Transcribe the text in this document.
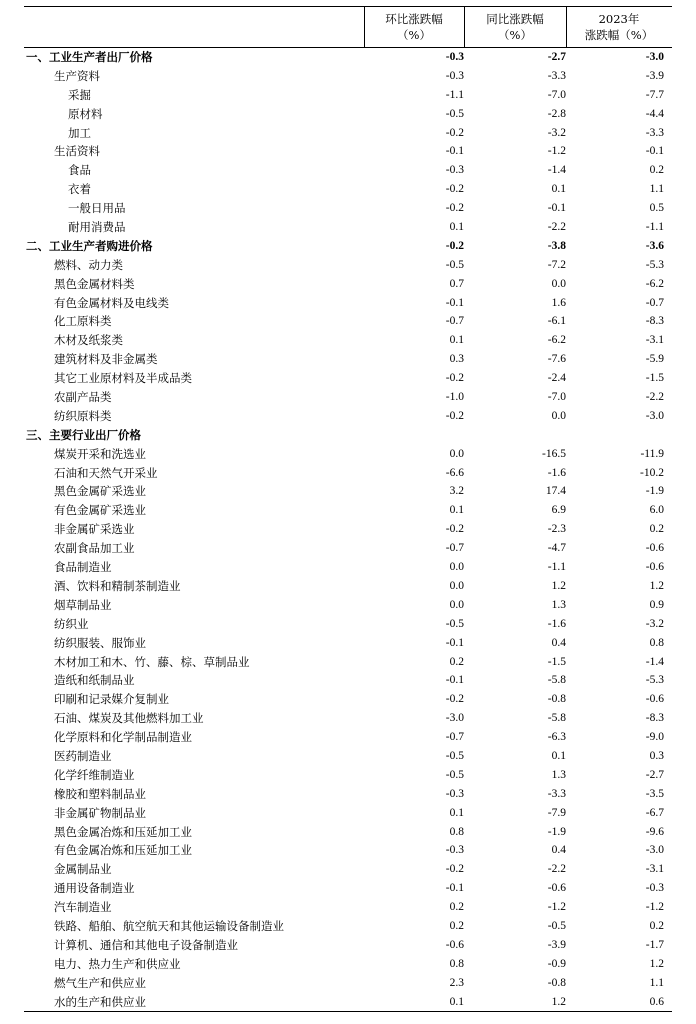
环比涨跌幅
（%）
同比涨跌幅
（%）
2023年
涨跌幅（%）
一、工业生产者出厂价格	-0.3	-2.7	-3.0
生产资料	-0.3	-3.3	-3.9
采掘	-1.1	-7.0	-7.7
原材料	-0.5	-2.8	-4.4
加工	-0.2	-3.2	-3.3
生活资料	-0.1	-1.2	-0.1
食品	-0.3	-1.4	0.2
衣着	-0.2	0.1	1.1
一般日用品	-0.2	-0.1	0.5
耐用消费品	0.1	-2.2	-1.1
二、工业生产者购进价格	-0.2	-3.8	-3.6
燃料、动力类	-0.5	-7.2	-5.3
黑色金属材料类	0.7	0.0	-6.2
有色金属材料及电线类	-0.1	1.6	-0.7
化工原料类	-0.7	-6.1	-8.3
木材及纸浆类	0.1	-6.2	-3.1
建筑材料及非金属类	0.3	-7.6	-5.9
其它工业原材料及半成品类	-0.2	-2.4	-1.5
农副产品类	-1.0	-7.0	-2.2
纺织原料类	-0.2	0.0	-3.0
三、主要行业出厂价格
煤炭开采和洗选业	0.0	-16.5	-11.9
石油和天然气开采业	-6.6	-1.6	-10.2
黑色金属矿采选业	3.2	17.4	-1.9
有色金属矿采选业	0.1	6.9	6.0
非金属矿采选业	-0.2	-2.3	0.2
农副食品加工业	-0.7	-4.7	-0.6
食品制造业	0.0	-1.1	-0.6
酒、饮料和精制茶制造业	0.0	1.2	1.2
烟草制品业	0.0	1.3	0.9
纺织业	-0.5	-1.6	-3.2
纺织服装、服饰业	-0.1	0.4	0.8
木材加工和木、竹、藤、棕、草制品业	0.2	-1.5	-1.4
造纸和纸制品业	-0.1	-5.8	-5.3
印刷和记录媒介复制业	-0.2	-0.8	-0.6
石油、煤炭及其他燃料加工业	-3.0	-5.8	-8.3
化学原料和化学制品制造业	-0.7	-6.3	-9.0
医药制造业	-0.5	0.1	0.3
化学纤维制造业	-0.5	1.3	-2.7
橡胶和塑料制品业	-0.3	-3.3	-3.5
非金属矿物制品业	0.1	-7.9	-6.7
黑色金属冶炼和压延加工业	0.8	-1.9	-9.6
有色金属冶炼和压延加工业	-0.3	0.4	-3.0
金属制品业	-0.2	-2.2	-3.1
通用设备制造业	-0.1	-0.6	-0.3
汽车制造业	0.2	-1.2	-1.2
铁路、船舶、航空航天和其他运输设备制造业	0.2	-0.5	0.2
计算机、通信和其他电子设备制造业	-0.6	-3.9	-1.7
电力、热力生产和供应业	0.8	-0.9	1.2
燃气生产和供应业	2.3	-0.8	1.1
水的生产和供应业	0.1	1.2	0.6
